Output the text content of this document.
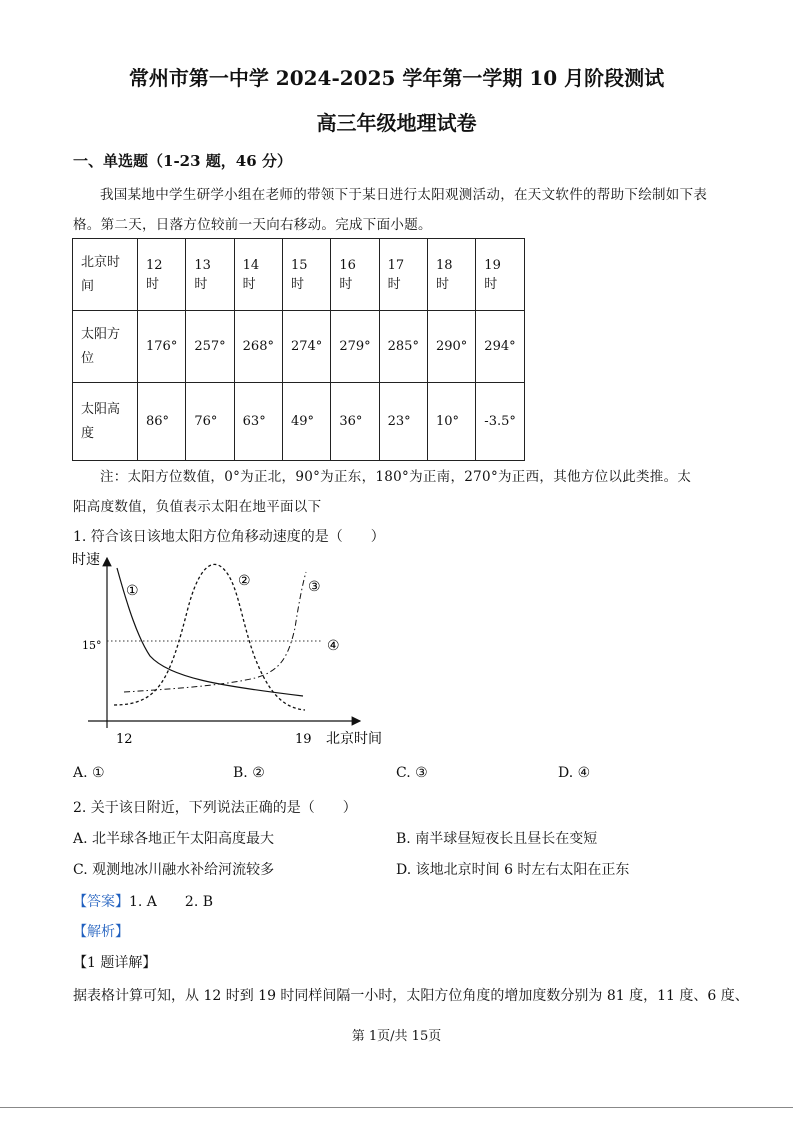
常州市第一中学 2024-2025 学年第一学期 10 月阶段测试
高三年级地理试卷
一、单选题（1-23 题，46 分）
我国某地中学生研学小组在老师的带领下于某日进行太阳观测活动，在天文软件的帮助下绘制如下表
格。第二天，日落方位较前一天向右移动。完成下面小题。
北京时间	12 时	13 时	14 时	15 时	16 时	17 时	18 时	19 时
太阳方位	176°	257°	268°	274°	279°	285°	290°	294°
太阳高度	86°	76°	63°	49°	36°	23°	10°	-3.5°
注：太阳方位数值，0°为正北，90°为正东，180°为正南，270°为正西，其他方位以此类推。太
阳高度数值，负值表示太阳在地平面以下
1. 符合该日该地太阳方位角移动速度的是（　　）
时速
北京时间
12	19
15°
①
②	③
④
A. ①	B. ②	C. ③	D. ④
2. 关于该日附近，下列说法正确的是（　　）
A. 北半球各地正午太阳高度最大	B. 南半球昼短夜长且昼长在变短
C. 观测地冰川融水补给河流较多	D. 该地北京时间 6 时左右太阳在正东
【答案】1. A　　2. B
【解析】
【1 题详解】
据表格计算可知，从 12 时到 19 时同样间隔一小时，太阳方位角度的增加度数分别为 81 度，11 度、6 度、
第 1页/共 15页
